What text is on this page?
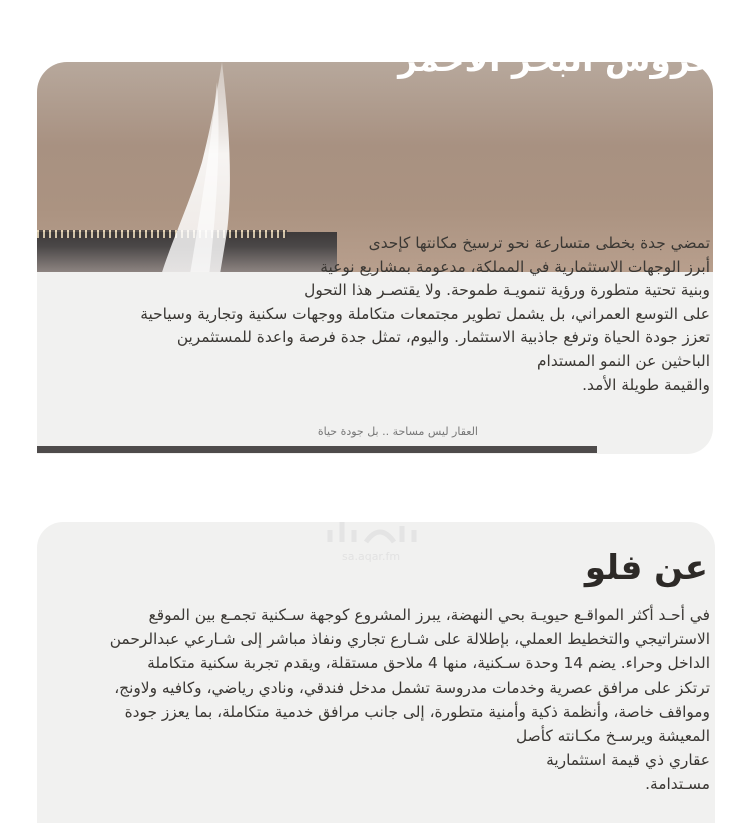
عروس البحر الأحمر
تمضي جدة بخطى متسارعة نحو ترسيخ مكانتها كإحدى
أبرز الوجهات الاستثمارية في المملكة، مدعومة بمشاريع نوعية
وبنية تحتية متطورة ورؤية تنمويـة طموحة. ولا يقتصـر هذا التحول
على التوسع العمراني، بل يشمل تطوير مجتمعات متكاملة ووجهات سكنية وتجارية وسياحية
تعزز جودة الحياة وترفع جاذبية الاستثمار. واليوم، تمثل جدة فرصة واعدة للمستثمرين
الباحثين عن النمو المستدام
والقيمة طويلة الأمد.
العقار ليس مساحة .. بل جودة حياة
sa.aqar.fm	عن فلو
في أحـد أكثر المواقـع حيويـة بحي النهضة، يبرز المشروع كوجهة سـكنية تجمـع بين الموقع
الاستراتيجي والتخطيط العملي، بإطلالة على شـارع تجاري ونفاذ مباشر إلى شـارعي عبدالرحمن
الداخل وحراء. يضم 14 وحدة سـكنية، منها 4 ملاحق مستقلة، ويقدم تجربة سكنية متكاملة
ترتكز على مرافق عصرية وخدمات مدروسة تشمل مدخل فندقي، ونادي رياضي، وكافيه ولاونج،
ومواقف خاصة، وأنظمة ذكية وأمنية متطورة، إلى جانب مرافق خدمية متكاملة، بما يعزز جودة
المعيشة ويرسـخ مكـانته كأصل
عقاري ذي قيمة استثمارية
مسـتدامة.
